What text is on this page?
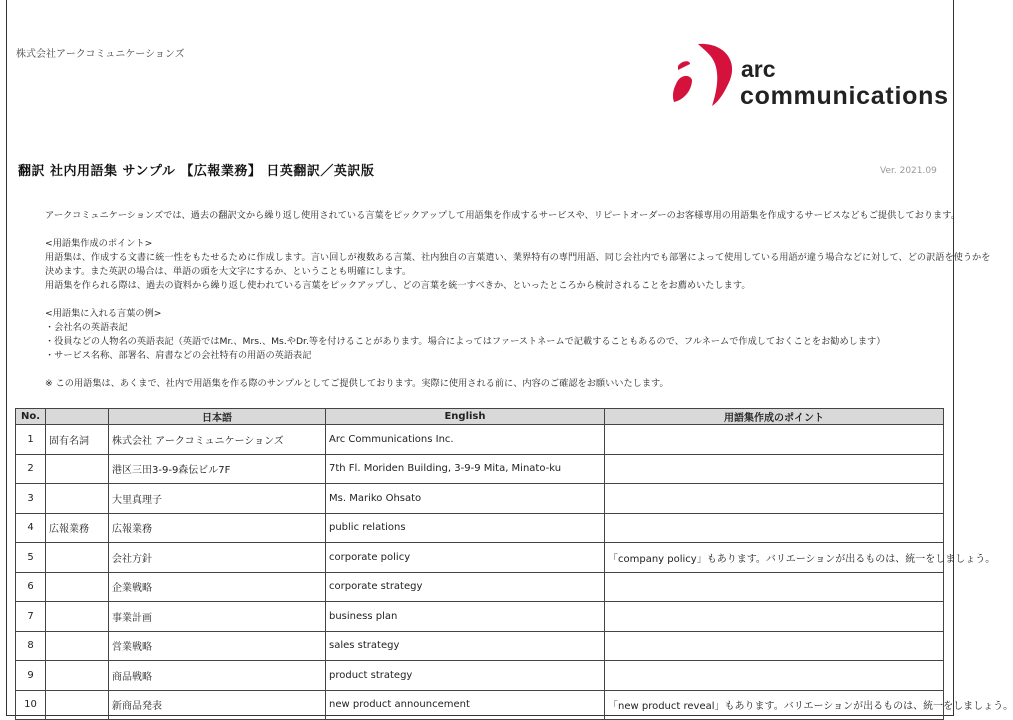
株式会社アークコミュニケーションズ
arc
communications
翻訳 社内用語集 サンプル 【広報業務】 日英翻訳／英訳版	Ver. 2021.09

アークコミュニケーションズでは、過去の翻訳文から繰り返し使用されている言葉をピックアップして用語集を作成するサービスや、リピートオーダーのお客様専用の用語集を作成するサービスなどもご提供しております。

<用語集作成のポイント>

用語集は、作成する文書に統一性をもたせるために作成します。言い回しが複数ある言葉、社内独自の言葉遣い、業界特有の専門用語、同じ会社内でも部署によって使用している用語が違う場合などに対して、どの訳語を使うかを

決めます。また英訳の場合は、単語の頭を大文字にするか、ということも明確にします。

用語集を作られる際は、過去の資料から繰り返し使われている言葉をピックアップし、どの言葉を統一すべきか、といったところから検討されることをお薦めいたします。

<用語集に入れる言葉の例>

・会社名の英語表記

・役員などの人物名の英語表記（英語ではMr.、Mrs.、Ms.やDr.等を付けることがあります。場合によってはファーストネームで記載することもあるので、フルネームで作成しておくことをお勧めします）

・サービス名称、部署名、肩書などの会社特有の用語の英語表記

※ この用語集は、あくまで、社内で用語集を作る際のサンプルとしてご提供しております。実際に使用される前に、内容のご確認をお願いいたします。

No.		日本語	English	用語集作成のポイント
1	固有名詞	株式会社 アークコミュニケーションズ	Arc Communications Inc.	
2		港区三田3-9-9森伝ビル7F	7th Fl. Moriden Building, 3-9-9 Mita, Minato-ku	
3		大里真理子	Ms. Mariko Ohsato	
4	広報業務	広報業務	public relations	
5		会社方針	corporate policy	「company policy」もあります。バリエーションが出るものは、統一をしましょう。
6		企業戦略	corporate strategy	
7		事業計画	business plan	
8		営業戦略	sales strategy	
9		商品戦略	product strategy	
10		新商品発表	new product announcement	「new product reveal」もあります。バリエーションが出るものは、統一をしましょう。
